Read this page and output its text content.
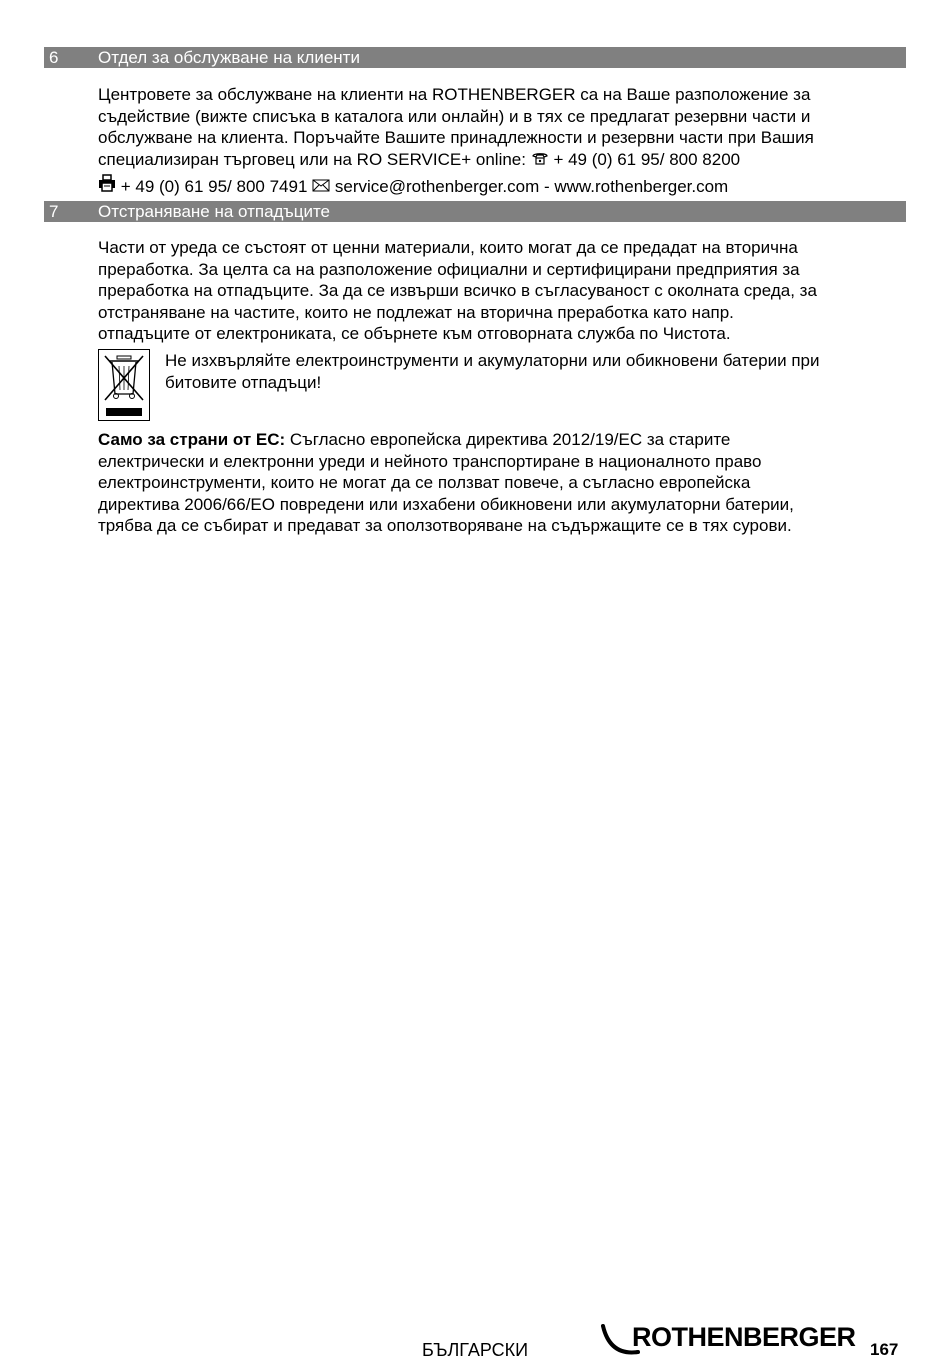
6 Отдел за обслужване на клиенти
Центровете за обслужване на клиенти на ROTHENBERGER са на Ваше разположение за
съдействие (вижте списъка в каталога или онлайн) и в тях се предлагат резервни части и
обслужване на клиента. Поръчайте Вашите принадлежности и резервни части при Вашия
специализиран търговец или на RO SERVICE+ online:  + 49 (0) 61 95/ 800 8200
+ 49 (0) 61 95/ 800 7491 service@rothenberger.com - www.rothenberger.com
7 Отстраняване на отпадъците
Части от уреда се състоят от ценни материали, които могат да се предадат на вторична
преработка. За целта са на разположение официални и сертифицирани предприятия за
преработка на отпадъците. За да се извърши всичко в съгласуваност с околната среда, за
отстраняване на частите, които не подлежат на вторична преработка като напр.
отпадъците от електрониката, се обърнете към отговорната служба по Чистота.
Не изхвърляйте електроинструменти и акумулаторни или обикновени батерии при
битовите отпадъци!
Само за страни от ЕС: Съгласно европейска директива 2012/19/ЕС за старите
електрически и електронни уреди и нейното транспортиране в националното право
електроинструменти, които не могат да се ползват повече, а съгласно европейска
директива 2006/66/ЕО повредени или изхабени обикновени или акумулаторни батерии,
трябва да се събират и предават за оползотворяване на съдържащите се в тях сурови.
БЪЛГАРСКИ	ROTHENBERGER 167
